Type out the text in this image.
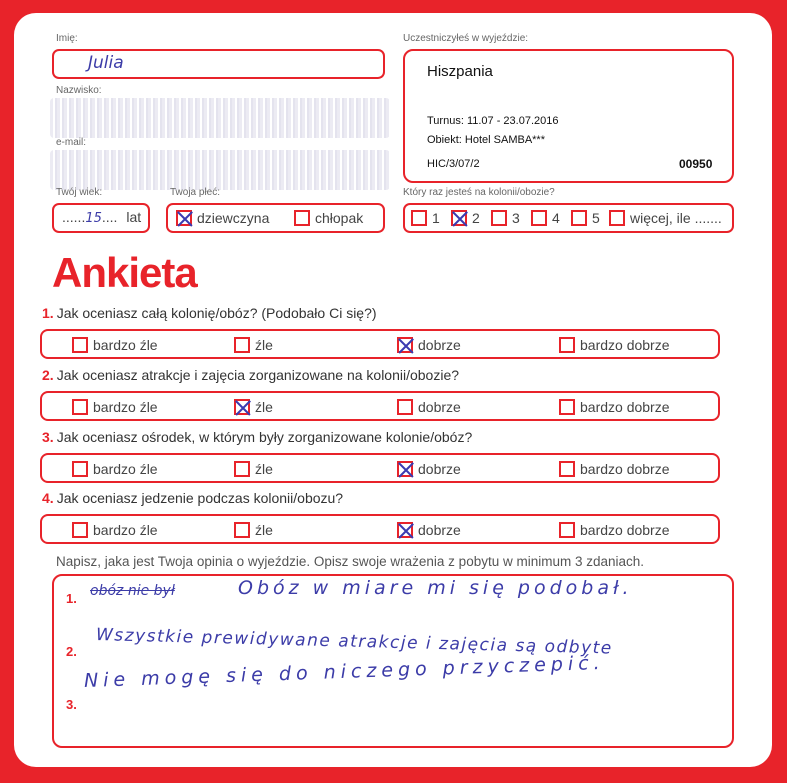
Imię:
Julia
Nazwisko:
e-mail:
Twój wiek:
......15.... lat
Twoja płeć:
dziewczyna	chłopak
Uczestniczyłeś w wyjeździe:
Hiszpania
Turnus: 11.07 - 23.07.2016
Obiekt: Hotel SAMBA***
HIC/3/07/2	00950
Który raz jesteś na kolonii/obozie?
1	2	3	4	5	więcej, ile .......
Ankieta
1. Jak oceniasz całą kolonię/obóz? (Podobało Ci się?)
2. Jak oceniasz atrakcje i zajęcia zorganizowane na kolonii/obozie?
3. Jak oceniasz ośrodek, w którym były zorganizowane kolonie/obóz?
4. Jak oceniasz jedzenie podczas kolonii/obozu?
bardzo źle	źle	dobrze	bardzo dobrze
bardzo źle	źle	dobrze	bardzo dobrze
bardzo źle	źle	dobrze	bardzo dobrze
bardzo źle	źle	dobrze	bardzo dobrze
Napisz, jaka jest Twoja opinia o wyjeździe. Opisz swoje wrażenia z pobytu w minimum 3 zdaniach.
1.
2.
3.
obóz nie był	Obóz w miare mi się podobał.
Wszystkie prewidywane atrakcje i zajęcia są odbyte
Nie mogę się do niczego przyczepić.
